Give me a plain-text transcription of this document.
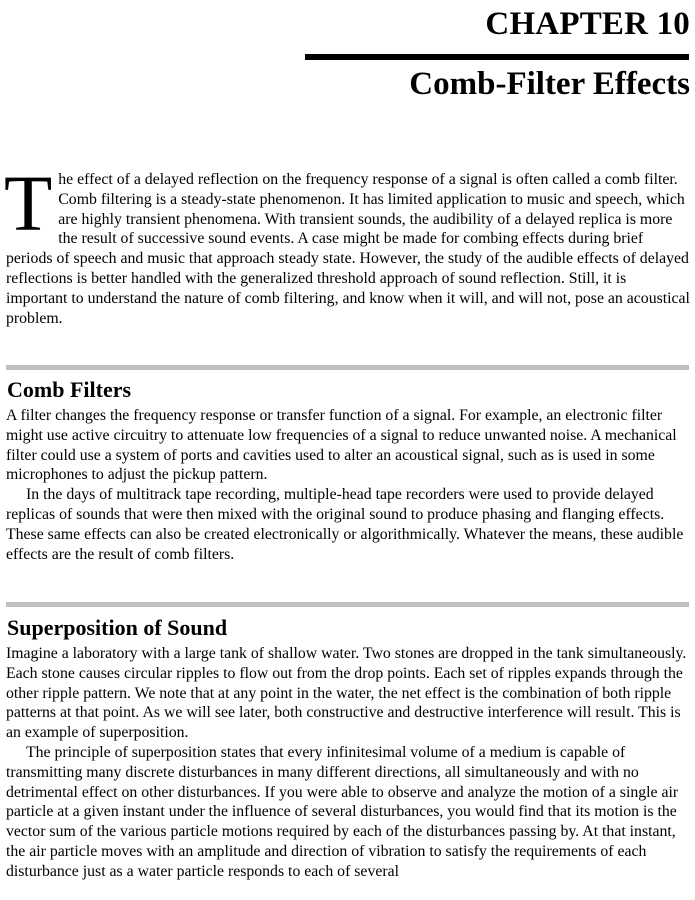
CHAPTER 10
Comb-Filter Effects
The effect of a delayed reflection on the frequency response of a signal is often called a comb filter. Comb filtering is a steady-state phenomenon. It has limited application to music and speech, which are highly transient phenomena. With transient sounds, the audibility of a delayed replica is more the result of successive sound events. A case might be made for combing effects during brief periods of speech and music that approach steady state. However, the study of the audible effects of delayed reflections is better handled with the generalized threshold approach of sound reflection. Still, it is important to understand the nature of comb filtering, and know when it will, and will not, pose an acoustical problem.
Comb Filters

A filter changes the frequency response or transfer function of a signal. For example, an electronic filter might use active circuitry to attenuate low frequencies of a signal to reduce unwanted noise. A mechanical filter could use a system of ports and cavities used to alter an acoustical signal, such as is used in some microphones to adjust the pickup pattern.

In the days of multitrack tape recording, multiple-head tape recorders were used to provide delayed replicas of sounds that were then mixed with the original sound to produce phasing and flanging effects. These same effects can also be created electronically or algorithmically. Whatever the means, these audible effects are the result of comb filters.

Superposition of Sound

Imagine a laboratory with a large tank of shallow water. Two stones are dropped in the tank simultaneously. Each stone causes circular ripples to flow out from the drop points. Each set of ripples expands through the other ripple pattern. We note that at any point in the water, the net effect is the combination of both ripple patterns at that point. As we will see later, both constructive and destructive interference will result. This is an example of superposition.

The principle of superposition states that every infinitesimal volume of a medium is capable of transmitting many discrete disturbances in many different directions, all simultaneously and with no detrimental effect on other disturbances. If you were able to observe and analyze the motion of a single air particle at a given instant under the influence of several disturbances, you would find that its motion is the vector sum of the various particle motions required by each of the disturbances passing by. At that instant, the air particle moves with an amplitude and direction of vibration to satisfy the requirements of each disturbance just as a water particle responds to each of several
